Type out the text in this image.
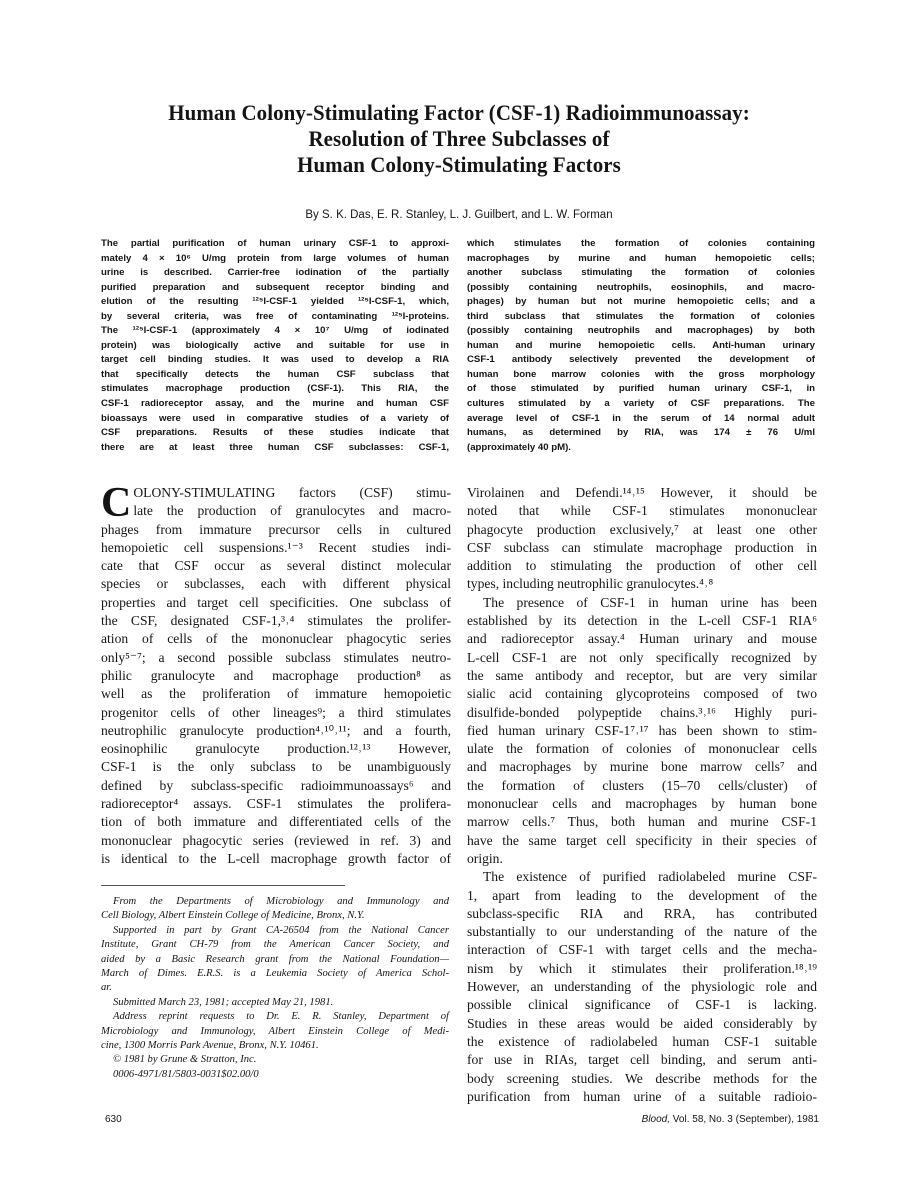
Human Colony-Stimulating Factor (CSF-1) Radioimmunoassay:
Resolution of Three Subclasses of
Human Colony-Stimulating Factors
By S. K. Das, E. R. Stanley, L. J. Guilbert, and L. W. Forman
The partial purification of human urinary CSF-1 to approxi-
mately 4 × 10⁶ U/mg protein from large volumes of human
urine is described. Carrier-free iodination of the partially
purified preparation and subsequent receptor binding and
elution of the resulting ¹²⁵I-CSF-1 yielded ¹²⁵I-CSF-1, which,
by several criteria, was free of contaminating ¹²⁵I-proteins.
The ¹²⁵I-CSF-1 (approximately 4 × 10⁷ U/mg of iodinated
protein) was biologically active and suitable for use in
target cell binding studies. It was used to develop a RIA
that specifically detects the human CSF subclass that
stimulates macrophage production (CSF-1). This RIA, the
CSF-1 radioreceptor assay, and the murine and human CSF
bioassays were used in comparative studies of a variety of
CSF preparations. Results of these studies indicate that
there are at least three human CSF subclasses: CSF-1,
which stimulates the formation of colonies containing
macrophages by murine and human hemopoietic cells;
another subclass stimulating the formation of colonies
(possibly containing neutrophils, eosinophils, and macro-
phages) by human but not murine hemopoietic cells; and a
third subclass that stimulates the formation of colonies
(possibly containing neutrophils and macrophages) by both
human and murine hemopoietic cells. Anti-human urinary
CSF-1 antibody selectively prevented the development of
human bone marrow colonies with the gross morphology
of those stimulated by purified human urinary CSF-1, in
cultures stimulated by a variety of CSF preparations. The
average level of CSF-1 in the serum of 14 normal adult
humans, as determined by RIA, was 174 ± 76 U/ml
(approximately 40 pM).
C OLONY-STIMULATING factors (CSF) stimu-
late the production of granulocytes and macro-
phages from immature precursor cells in cultured
hemopoietic cell suspensions.¹⁻³ Recent studies indi-
cate that CSF occur as several distinct molecular
species or subclasses, each with different physical
properties and target cell specificities. One subclass of
the CSF, designated CSF-1,³˒⁴ stimulates the prolifer-
ation of cells of the mononuclear phagocytic series
only⁵⁻⁷; a second possible subclass stimulates neutro-
philic granulocyte and macrophage production⁸ as
well as the proliferation of immature hemopoietic
progenitor cells of other lineages⁹; a third stimulates
neutrophilic granulocyte production⁴˒¹⁰˒¹¹; and a fourth,
eosinophilic granulocyte production.¹²˒¹³ However,
CSF-1 is the only subclass to be unambiguously
defined by subclass-specific radioimmunoassays⁶ and
radioreceptor⁴ assays. CSF-1 stimulates the prolifera-
tion of both immature and differentiated cells of the
mononuclear phagocytic series (reviewed in ref. 3) and
is identical to the L-cell macrophage growth factor of
Virolainen and Defendi.¹⁴˒¹⁵ However, it should be
noted that while CSF-1 stimulates mononuclear
phagocyte production exclusively,⁷ at least one other
CSF subclass can stimulate macrophage production in
addition to stimulating the production of other cell
types, including neutrophilic granulocytes.⁴˒⁸
The presence of CSF-1 in human urine has been
established by its detection in the L-cell CSF-1 RIA⁶
and radioreceptor assay.⁴ Human urinary and mouse
L-cell CSF-1 are not only specifically recognized by
the same antibody and receptor, but are very similar
sialic acid containing glycoproteins composed of two
disulfide-bonded polypeptide chains.³˒¹⁶ Highly puri-
fied human urinary CSF-1⁷˒¹⁷ has been shown to stim-
ulate the formation of colonies of mononuclear cells
and macrophages by murine bone marrow cells⁷ and
the formation of clusters (15–70 cells/cluster) of
mononuclear cells and macrophages by human bone
marrow cells.⁷ Thus, both human and murine CSF-1
have the same target cell specificity in their species of
origin.
The existence of purified radiolabeled murine CSF-
1, apart from leading to the development of the
subclass-specific RIA and RRA, has contributed
substantially to our understanding of the nature of the
interaction of CSF-1 with target cells and the mecha-
nism by which it stimulates their proliferation.¹⁸˒¹⁹
However, an understanding of the physiologic role and
possible clinical significance of CSF-1 is lacking.
Studies in these areas would be aided considerably by
the existence of radiolabeled human CSF-1 suitable
for use in RIAs, target cell binding, and serum anti-
body screening studies. We describe methods for the
purification from human urine of a suitable radioio-
From the Departments of Microbiology and Immunology and
Cell Biology, Albert Einstein College of Medicine, Bronx, N.Y.
Supported in part by Grant CA-26504 from the National Cancer
Institute, Grant CH-79 from the American Cancer Society, and
aided by a Basic Research grant from the National Foundation—
March of Dimes. E.R.S. is a Leukemia Society of America Schol-
ar.
Submitted March 23, 1981; accepted May 21, 1981.
Address reprint requests to Dr. E. R. Stanley, Department of
Microbiology and Immunology, Albert Einstein College of Medi-
cine, 1300 Morris Park Avenue, Bronx, N.Y. 10461.
© 1981 by Grune & Stratton, Inc.
0006-4971/81/5803-0031$02.00/0
630	Blood, Vol. 58, No. 3 (September), 1981
